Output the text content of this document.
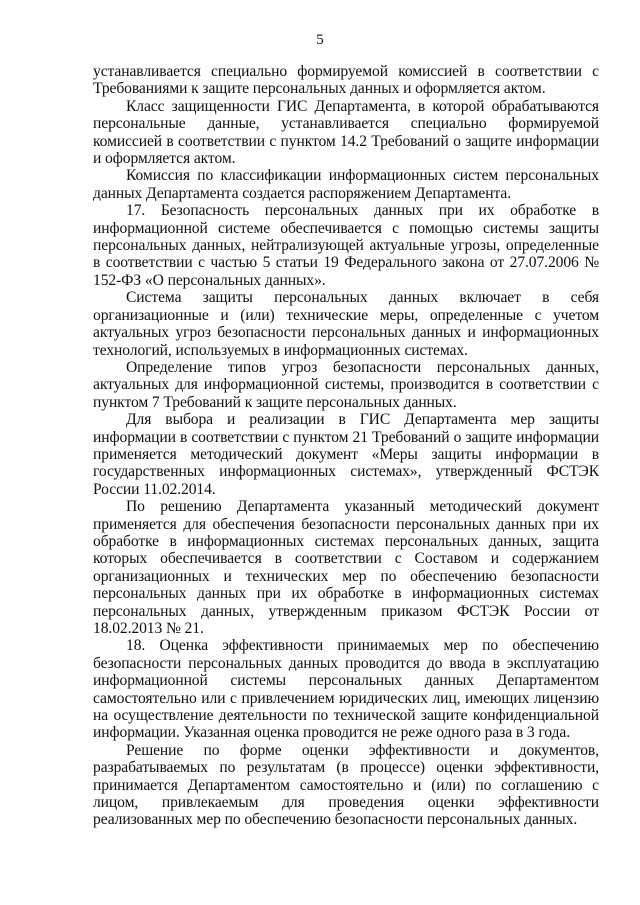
5

устанавливается специально формируемой комиссией в соответствии с Требованиями к защите персональных данных и оформляется актом.

Класс защищенности ГИС Департамента, в которой обрабатываются персональные данные, устанавливается специально формируемой комиссией в соответствии с пунктом 14.2 Требований о защите информации и оформляется актом.

Комиссия по классификации информационных систем персональных данных Департамента создается распоряжением Департамента.

17. Безопасность персональных данных при их обработке в информационной системе обеспечивается с помощью системы защиты персональных данных, нейтрализующей актуальные угрозы, определенные в соответствии с частью 5 статьи 19 Федерального закона от 27.07.2006 № 152-ФЗ «О персональных данных».

Система защиты персональных данных включает в себя организационные и (или) технические меры, определенные с учетом актуальных угроз безопасности персональных данных и информационных технологий, используемых в информационных системах.

Определение типов угроз безопасности персональных данных, актуальных для информационной системы, производится в соответствии с пунктом 7 Требований к защите персональных данных.

Для выбора и реализации в ГИС Департамента мер защиты информации в соответствии с пунктом 21 Требований о защите информации применяется методический документ «Меры защиты информации в государственных информационных системах», утвержденный ФСТЭК России 11.02.2014.

По решению Департамента указанный методический документ применяется для обеспечения безопасности персональных данных при их обработке в информационных системах персональных данных, защита которых обеспечивается в соответствии с Составом и содержанием организационных и технических мер по обеспечению безопасности персональных данных при их обработке в информационных системах персональных данных, утвержденным приказом ФСТЭК России от 18.02.2013 № 21.

18. Оценка эффективности принимаемых мер по обеспечению безопасности персональных данных проводится до ввода в эксплуатацию информационной системы персональных данных Департаментом самостоятельно или с привлечением юридических лиц, имеющих лицензию на осуществление деятельности по технической защите конфиденциальной информации. Указанная оценка проводится не реже одного раза в 3 года.

Решение по форме оценки эффективности и документов, разрабатываемых по результатам (в процессе) оценки эффективности, принимается Департаментом самостоятельно и (или) по соглашению с лицом, привлекаемым для проведения оценки эффективности реализованных мер по обеспечению безопасности персональных данных.
